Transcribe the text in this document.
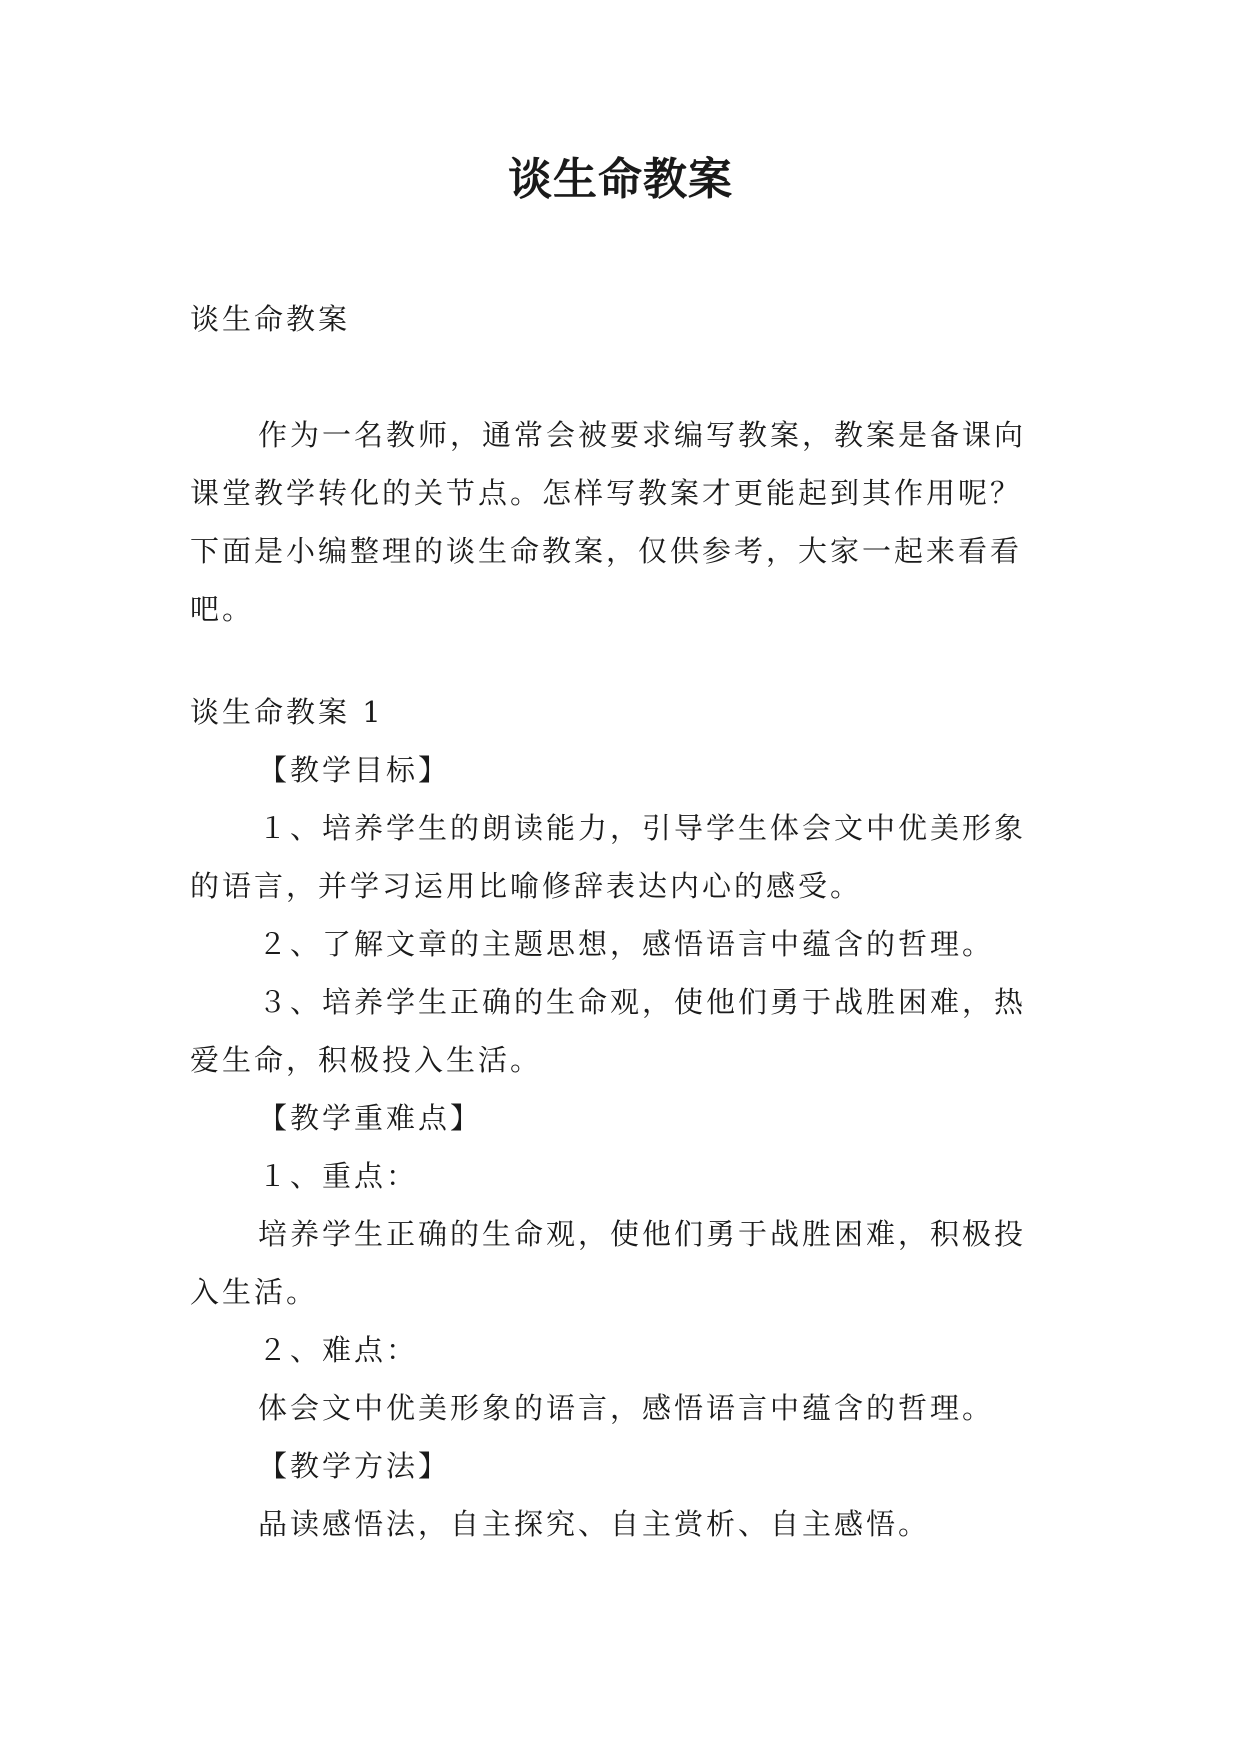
谈生命教案

谈生命教案

作为一名教师，通常会被要求编写教案，教案是备课向课堂教学转化的关节点。怎样写教案才更能起到其作用呢？下面是小编整理的谈生命教案，仅供参考，大家一起来看看吧。

谈生命教案 1

【教学目标】

１、培养学生的朗读能力，引导学生体会文中优美形象的语言，并学习运用比喻修辞表达内心的感受。

２、了解文章的主题思想，感悟语言中蕴含的哲理。

３、培养学生正确的生命观，使他们勇于战胜困难，热爱生命，积极投入生活。

【教学重难点】

１、重点：

培养学生正确的生命观，使他们勇于战胜困难，积极投入生活。

２、难点：

体会文中优美形象的语言，感悟语言中蕴含的哲理。

【教学方法】

品读感悟法，自主探究、自主赏析、自主感悟。
